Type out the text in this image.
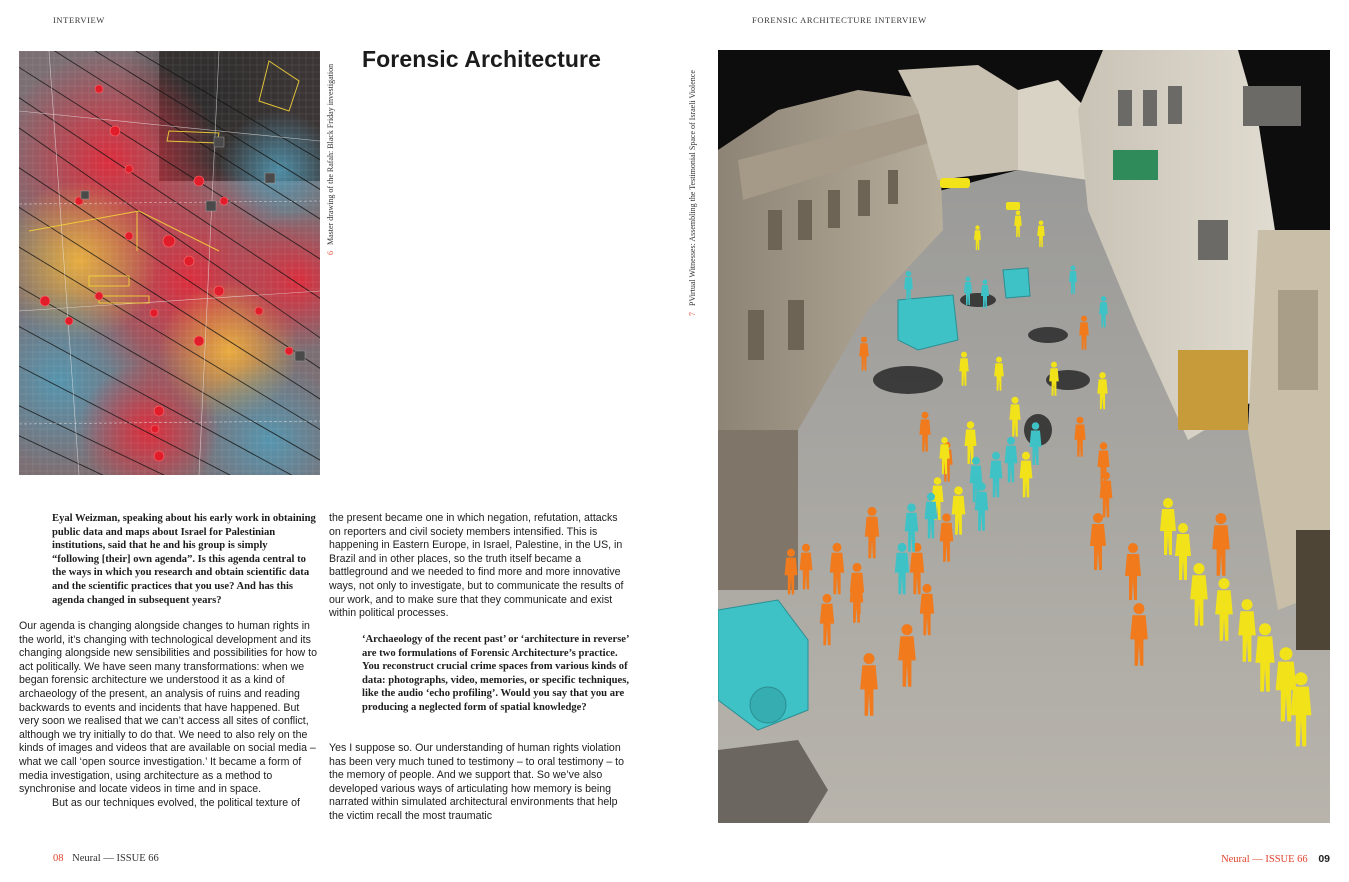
INTERVIEW	FORENSIC ARCHITECTURE INTERVIEW
6Master drawing of the Rafah: Black Friday investigation
Forensic Architecture

Eyal Weizman, speaking about his early work in obtaining public data and maps about Israel for Palestinian institutions, said that he and his group is simply “following [their] own agenda”. Is this agenda central to the ways in which you research and obtain scientific data and the scientific practices that you use? And has this agenda changed in subsequent years?

Our agenda is changing alongside changes to human rights in the world, it’s changing with technological development and its changing alongside new sensibilities and possibilities for how to act politically. We have seen many transformations: when we began forensic architecture we understood it as a kind of archaeology of the present, an analysis of ruins and reading backwards to events and incidents that have happened. But very soon we realised that we can’t access all sites of conflict, although we try initially to do that. We need to also rely on the kinds of images and videos that are available on social media – what we call ‘open source investigation.’ It became a form of media investigation, using architecture as a method to synchronise and locate videos in time and in space.

But as our techniques evolved, the political texture of

the present became one in which negation, refutation, attacks on reporters and civil society members intensified. This is happening in Eastern Europe, in Israel, Palestine, in the US, in Brazil and in other places, so the truth itself became a battleground and we needed to find more and more innovative ways, not only to investigate, but to communicate the results of our work, and to make sure that they communicate and exist within political processes.

‘Archaeology of the recent past’ or ‘architecture in reverse’ are two formulations of Forensic Architecture’s practice. You reconstruct crucial crime spaces from various kinds of data: photographs, video, memories, or specific techniques, like the audio ‘echo profiling’. Would you say that you are producing a neglected form of spatial knowledge?

Yes I suppose so. Our understanding of human rights violation has been very much tuned to testimony – to oral testimony – to the memory of people. And we support that. So we’ve also developed various ways of articulating how memory is being narrated within simulated architectural environments that help the victim recall the most traumatic

7PVirtual Witnesses: Assembling the Testimonial Space of Israeli Violence
08 Neural — ISSUE 66	Neural — ISSUE 66 09
